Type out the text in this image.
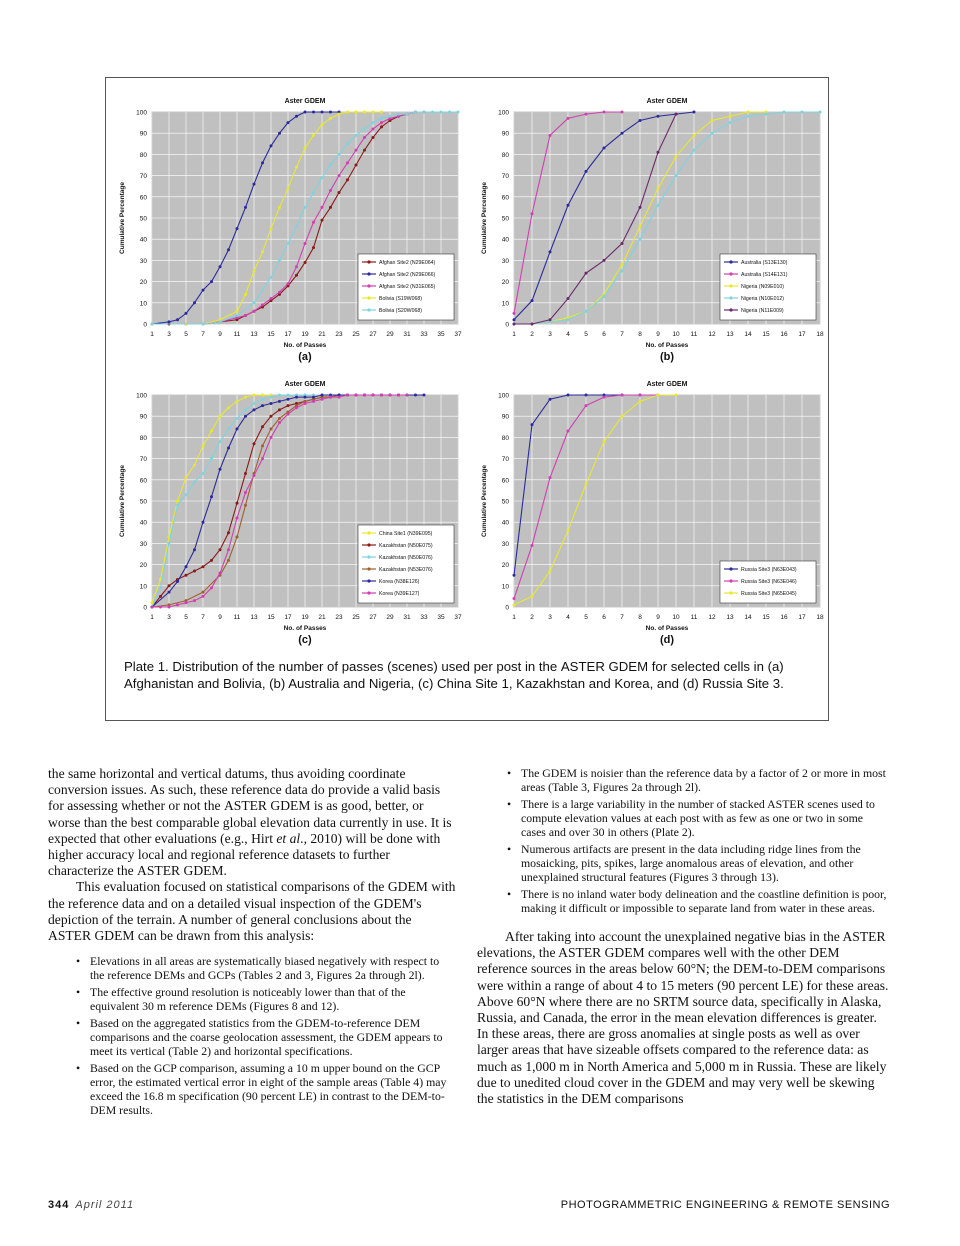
Aster GDEM
0
10
20
30
40
50
60
70
80
90
100
1 3 5 7 9 11 13 15 17 19 21 23 25 27 29 31 33 35 37
No. of Passes
Cumulative Percentage
(a)
Afghan Site2 (N29E064)
Afghan Site2 (N29E066)
Afghan Site2 (N31E065)
Bolivia (S19W068)
Bolivia (S20W068)
Aster GDEM
0
10
20
30
40
50
60
70
80
90
100
1 2 3 4 5 6 7 8 9 10 11 12 13 14 15 16 17 18
No. of Passes
Cumulative Percentage
(b)
Australia (S13E130)
Australia (S14E131)
Nigeria (N09E010)
Nigeria (N10E012)
Nigeria (N11E009)
Aster GDEM
0
10
20
30
40
50
60
70
80
90
100
1 3 5 7 9 11 13 15 17 19 21 23 25 27 29 31 33 35 37
No. of Passes
Cumulative Percentage
(c)
China Site1 (N39E095)
Kazakhstan (N50E075)
Kazakhstan (N50E076)
Kazakhstan (N53E076)
Korea (N38E126)
Korea (N39E127)
Aster GDEM
0
10
20
30
40
50
60
70
80
90
100
1 2 3 4 5 6 7 8 9 10 11 12 13 14 15 16 17 18
No. of Passes
Cumulative Percentage
(d)
Russia Site3 (N63E043)
Russia Site3 (N63E046)
Russia Site3 (N65E045)
Plate 1. Distribution of the number of passes (scenes) used per post in the ASTER GDEM for selected cells in (a) Afghanistan and Bolivia, (b) Australia and Nigeria, (c) China Site 1, Kazakhstan and Korea, and (d) Russia Site 3.

the same horizontal and vertical datums, thus avoiding coordinate conversion issues. As such, these reference data do provide a valid basis for assessing whether or not the ASTER GDEM is as good, better, or worse than the best comparable global elevation data currently in use. It is expected that other evaluations (e.g., Hirt et al., 2010) will be done with higher accuracy local and regional reference datasets to further characterize the ASTER GDEM.

This evaluation focused on statistical comparisons of the GDEM with the reference data and on a detailed visual inspection of the GDEM's depiction of the terrain. A number of general conclusions about the ASTER GDEM can be drawn from this analysis:

• Elevations in all areas are systematically biased negatively with respect to the reference DEMs and GCPs (Tables 2 and 3, Figures 2a through 2l).
• The effective ground resolution is noticeably lower than that of the equivalent 30 m reference DEMs (Figures 8 and 12).
• Based on the aggregated statistics from the GDEM-to-reference DEM comparisons and the coarse geolocation assessment, the GDEM appears to meet its vertical (Table 2) and horizontal specifications.
• Based on the GCP comparison, assuming a 10 m upper bound on the GCP error, the estimated vertical error in eight of the sample areas (Table 4) may exceed the 16.8 m specification (90 percent LE) in contrast to the DEM-to-DEM results.
• The GDEM is noisier than the reference data by a factor of 2 or more in most areas (Table 3, Figures 2a through 2l).
• There is a large variability in the number of stacked ASTER scenes used to compute elevation values at each post with as few as one or two in some cases and over 30 in others (Plate 2).
• Numerous artifacts are present in the data including ridge lines from the mosaicking, pits, spikes, large anomalous areas of elevation, and other unexplained structural features (Figures 3 through 13).
• There is no inland water body delineation and the coastline definition is poor, making it difficult or impossible to separate land from water in these areas.

After taking into account the unexplained negative bias in the ASTER elevations, the ASTER GDEM compares well with the other DEM reference sources in the areas below 60°N; the DEM-to-DEM comparisons were within a range of about 4 to 15 meters (90 percent LE) for these areas. Above 60°N where there are no SRTM source data, specifically in Alaska, Russia, and Canada, the error in the mean elevation differences is greater. In these areas, there are gross anomalies at single posts as well as over larger areas that have sizeable offsets compared to the reference data: as much as 1,000 m in North America and 5,000 m in Russia. These are likely due to unedited cloud cover in the GDEM and may very well be skewing the statistics in the DEM comparisons

344 April 2011	PHOTOGRAMMETRIC ENGINEERING & REMOTE SENSING
